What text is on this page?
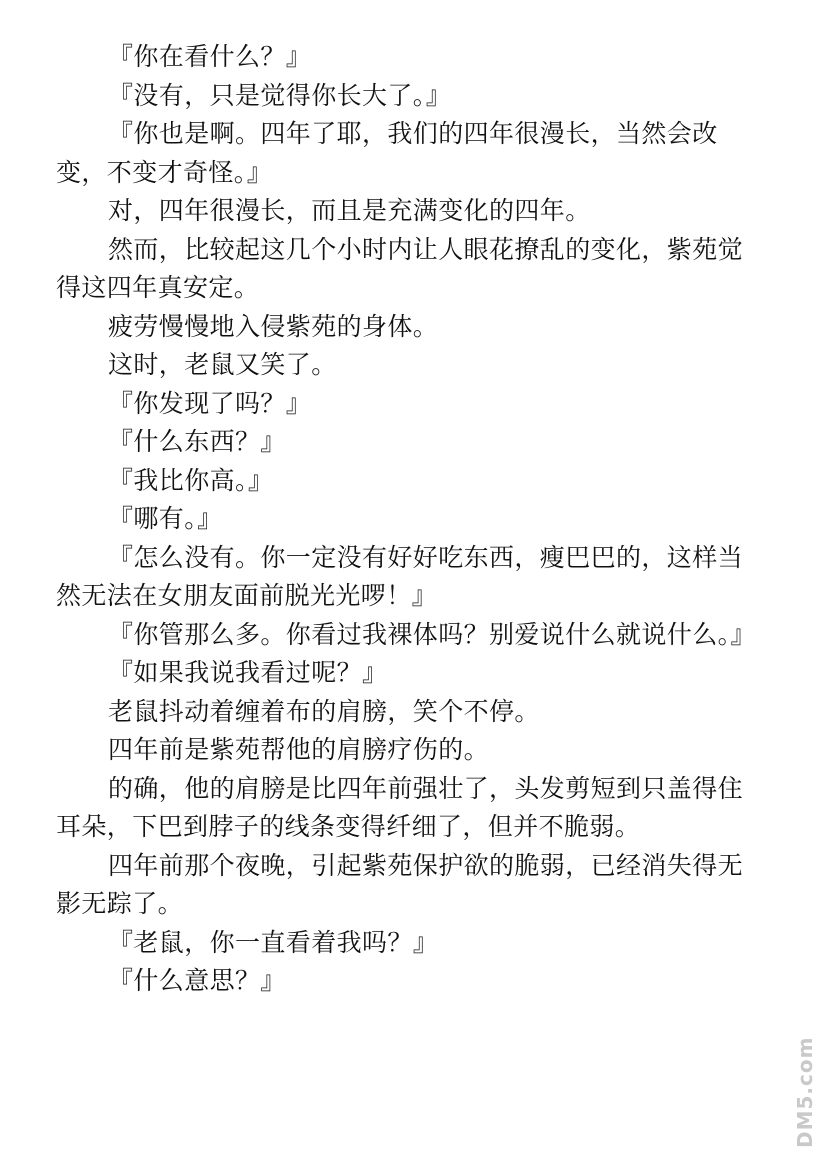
『你在看什么？』

『没有，只是觉得你长大了。』

『你也是啊。四年了耶，我们的四年很漫长，当然会改变，不变才奇怪。』

对，四年很漫长，而且是充满变化的四年。

然而，比较起这几个小时内让人眼花撩乱的变化，紫苑觉得这四年真安定。

疲劳慢慢地入侵紫苑的身体。

这时，老鼠又笑了。

『你发现了吗？』

『什么东西？』

『我比你高。』

『哪有。』

『怎么没有。你一定没有好好吃东西，瘦巴巴的，这样当然无法在女朋友面前脱光光啰！』

『你管那么多。你看过我裸体吗？别爱说什么就说什么。』

『如果我说我看过呢？』

老鼠抖动着缠着布的肩膀，笑个不停。

四年前是紫苑帮他的肩膀疗伤的。

的确，他的肩膀是比四年前强壮了，头发剪短到只盖得住耳朵，下巴到脖子的线条变得纤细了，但并不脆弱。

四年前那个夜晚，引起紫苑保护欲的脆弱，已经消失得无影无踪了。

『老鼠，你一直看着我吗？』

『什么意思？』

DM5.com
